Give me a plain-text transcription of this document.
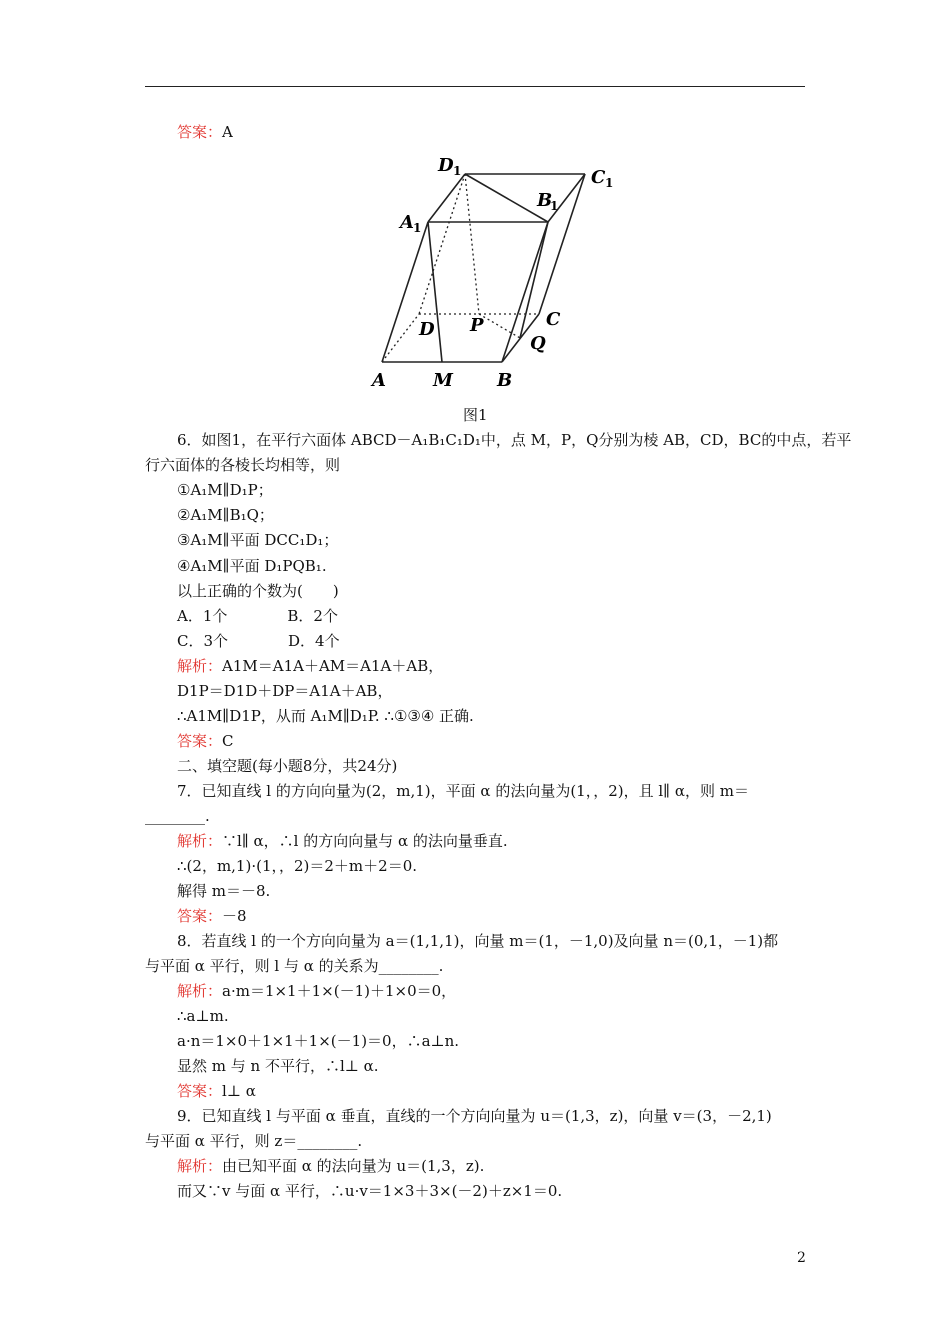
答案：A
D 1	C 1
B
1
A 1
D P	C
Q
A	M B
图1
6．如图1，在平行六面体 ABCD－A₁B₁C₁D₁中，点 M，P，Q分别为棱 AB，CD，BC的中点，若平
行六面体的各棱长均相等，则
①A₁M∥D₁P；
②A₁M∥B₁Q；
③A₁M∥平面 DCC₁D₁；
④A₁M∥平面 D₁PQB₁.
以上正确的个数为(　　)
A．1个　　　　B．2个
C．3个　　　　D．4个
解析：A1M＝A1A＋AM＝A1A＋AB，
D1P＝D1D＋DP＝A1A＋AB，
∴A1M∥D1P，从而 A₁M∥D₁P. ∴①③④ 正确.
答案：C
二、填空题(每小题8分，共24分)
7．已知直线 l 的方向向量为(2，m,1)，平面 α 的法向量为(1，，2)，且 l∥ α，则 m＝
________.
解析：∵l∥ α，∴l 的方向向量与 α 的法向量垂直.
∴(2，m,1)·(1，，2)＝2＋m＋2＝0.
解得 m＝－8.
答案：－8
8．若直线 l 的一个方向向量为 a＝(1,1,1)，向量 m＝(1，－1,0)及向量 n＝(0,1，－1)都
与平面 α 平行，则 l 与 α 的关系为________.
解析：a·m＝1×1＋1×(－1)＋1×0＝0，
∴a⊥m.
a·n＝1×0＋1×1＋1×(－1)＝0，∴a⊥n.
显然 m 与 n 不平行，∴l⊥ α.
答案：l⊥ α
9．已知直线 l 与平面 α 垂直，直线的一个方向向量为 u＝(1,3，z)，向量 v＝(3，－2,1)
与平面 α 平行，则 z＝________.
解析：由已知平面 α 的法向量为 u＝(1,3，z).
而又∵v 与面 α 平行，∴u·v＝1×3＋3×(－2)＋z×1＝0.
2
